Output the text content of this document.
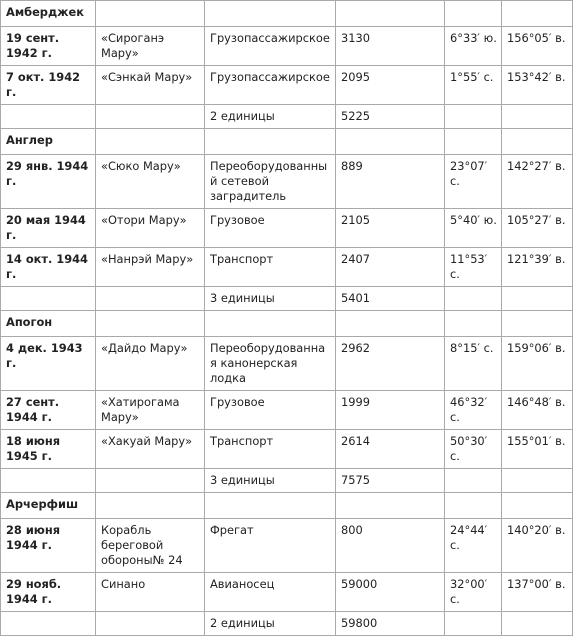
Амберджек					
19 сент. 1942 г.	«Сироганэ Мару»	Грузопассажирское	3130	6°33′ ю.	156°05′ в.
7 окт. 1942 г.	«Сэнкай Мару»	Грузопассажирское	2095	1°55′ с.	153°42′ в.
		2 единицы	5225		
Англер					
29 янв. 1944 г.	«Сюко Мару»	Переоборудованный сетевой заградитель	889	23°07′ с.	142°27′ в.
20 мая 1944 г.	«Отори Мару»	Грузовое	2105	5°40′ ю.	105°27′ в.
14 окт. 1944 г.	«Нанрэй Мару»	Транспорт	2407	11°53′ с.	121°39′ в.
		3 единицы	5401		
Апогон					
4 дек. 1943 г.	«Дайдо Мару»	Переоборудованная канонерская лодка	2962	8°15′ с.	159°06′ в.
27 сент. 1944 г.	«Хатирогама Мару»	Грузовое	1999	46°32′ с.	146°48′ в.
18 июня 1945 г.	«Хакуай Мару»	Транспорт	2614	50°30′ с.	155°01′ в.
		3 единицы	7575		
Арчерфиш					
28 июня 1944 г.	Корабль береговой обороны№ 24	Фрегат	800	24°44′ с.	140°20′ в.
29 нояб. 1944 г.	Синано	Авианосец	59000	32°00′ с.	137°00′ в.
		2 единицы	59800		
